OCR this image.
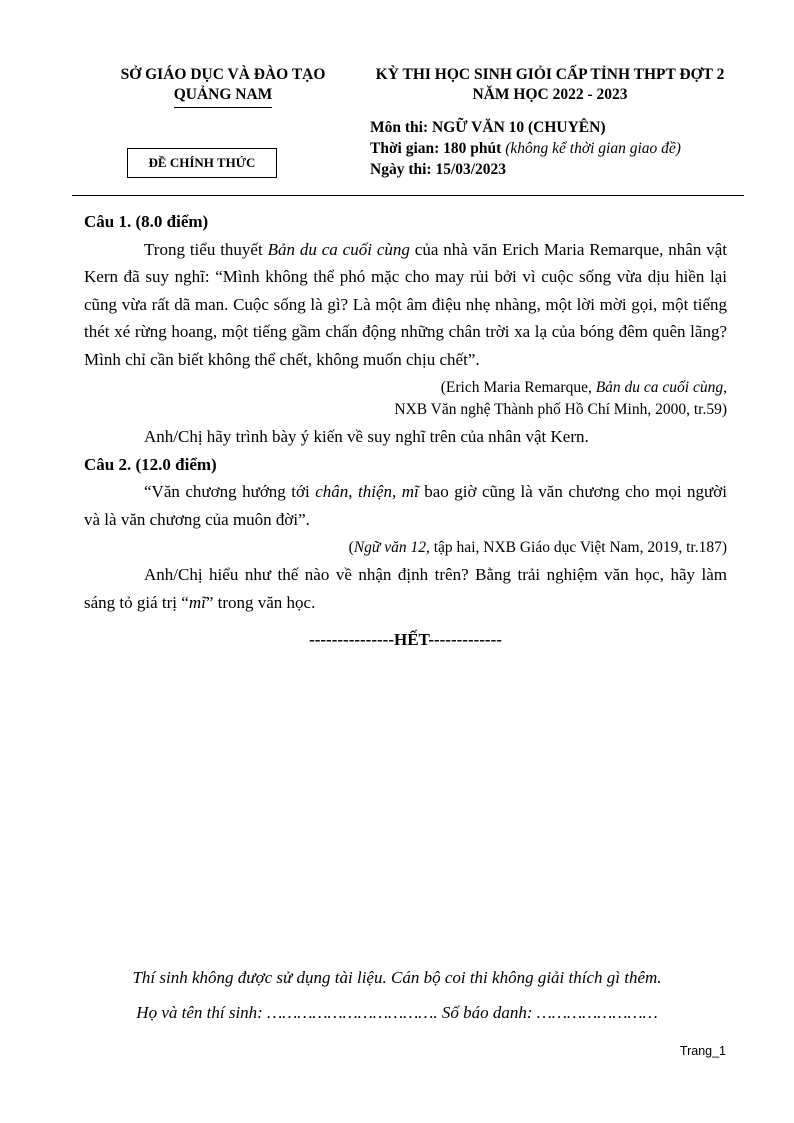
SỞ GIÁO DỤC VÀ ĐÀO TẠO
QUẢNG NAM
KỲ THI HỌC SINH GIỎI CẤP TỈNH THPT ĐỢT 2
NĂM HỌC 2022 - 2023
ĐỀ CHÍNH THỨC
Môn thi: NGỮ VĂN 10 (CHUYÊN)
Thời gian: 180 phút (không kể thời gian giao đề)
Ngày thi: 15/03/2023

Câu 1. (8.0 điểm)

Trong tiểu thuyết Bản du ca cuối cùng của nhà văn Erich Maria Remarque, nhân vật Kern đã suy nghĩ: “Mình không thể phó mặc cho may rủi bởi vì cuộc sống vừa dịu hiền lại cũng vừa rất dã man. Cuộc sống là gì? Là một âm điệu nhẹ nhàng, một lời mời gọi, một tiếng thét xé rừng hoang, một tiếng gầm chấn động những chân trời xa lạ của bóng đêm quên lãng? Mình chỉ cần biết không thể chết, không muốn chịu chết”.

(Erich Maria Remarque, Bản du ca cuối cùng,

NXB Văn nghệ Thành phố Hồ Chí Minh, 2000, tr.59)

Anh/Chị hãy trình bày ý kiến về suy nghĩ trên của nhân vật Kern.

Câu 2. (12.0 điểm)

“Văn chương hướng tới chân, thiện, mĩ bao giờ cũng là văn chương cho mọi người và là văn chương của muôn đời”.

(Ngữ văn 12, tập hai, NXB Giáo dục Việt Nam, 2019, tr.187)

Anh/Chị hiểu như thế nào về nhận định trên? Bằng trải nghiệm văn học, hãy làm sáng tỏ giá trị “mĩ” trong văn học.

---------------HẾT-------------
Thí sinh không được sử dụng tài liệu. Cán bộ coi thi không giải thích gì thêm.
Họ và tên thí sinh: ……………………………. Số báo danh: ……………………
Trang_1
